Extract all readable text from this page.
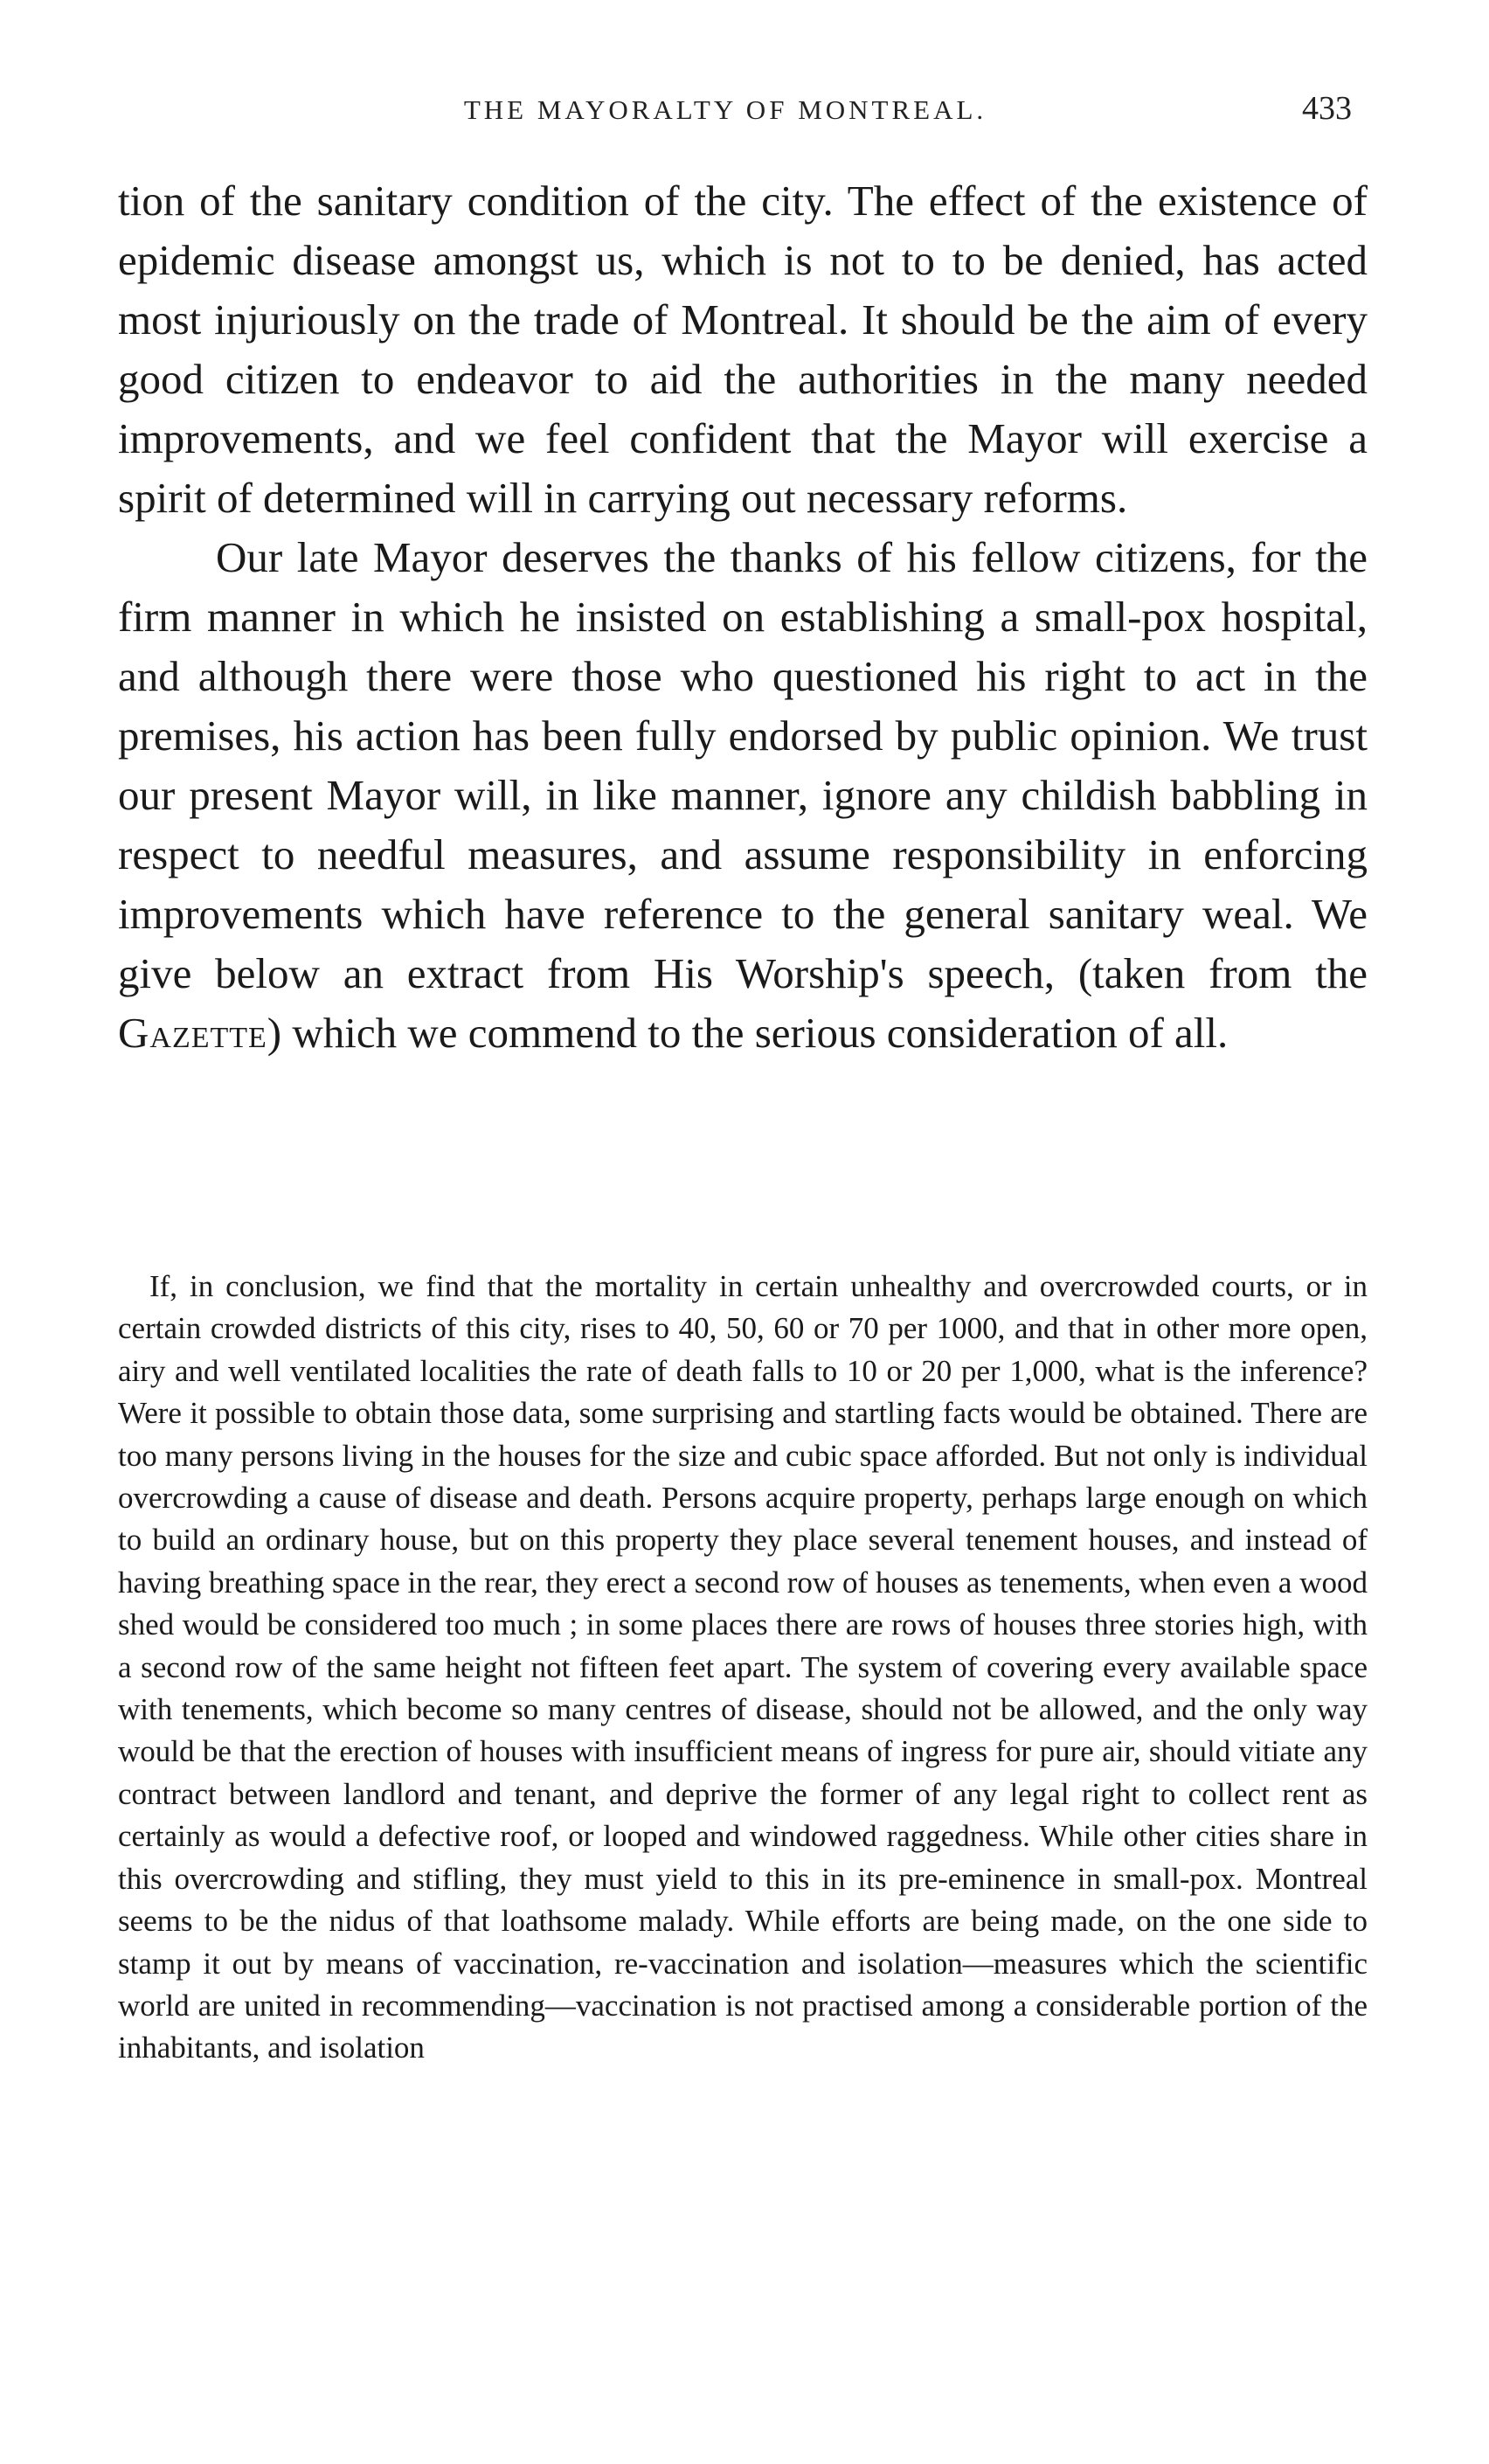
THE MAYORALTY OF MONTREAL.	433

tion of the sanitary condition of the city. The effect of the existence of epidemic disease amongst us, which is not to to be denied, has acted most injuriously on the trade of Montreal. It should be the aim of every good citizen to endeavor to aid the authorities in the many needed improvements, and we feel confident that the Mayor will exercise a spirit of determined will in carrying out necessary reforms.

Our late Mayor deserves the thanks of his fellow citizens, for the firm manner in which he insisted on establishing a small-pox hospital, and although there were those who questioned his right to act in the premises, his action has been fully endorsed by public opinion. We trust our present Mayor will, in like manner, ignore any childish babbling in respect to needful measures, and assume responsibility in enforcing improvements which have reference to the general sanitary weal. We give below an extract from His Worship's speech, (taken from the Gazette) which we commend to the serious consideration of all.

If, in conclusion, we find that the mortality in certain unhealthy and overcrowded courts, or in certain crowded districts of this city, rises to 40, 50, 60 or 70 per 1000, and that in other more open, airy and well ventilated localities the rate of death falls to 10 or 20 per 1,000, what is the inference? Were it possible to obtain those data, some surprising and startling facts would be obtained. There are too many persons living in the houses for the size and cubic space afforded. But not only is individual overcrowding a cause of disease and death. Persons acquire property, perhaps large enough on which to build an ordinary house, but on this property they place several tenement houses, and instead of having breathing space in the rear, they erect a second row of houses as tenements, when even a wood shed would be considered too much ; in some places there are rows of houses three stories high, with a second row of the same height not fifteen feet apart. The system of covering every available space with tenements, which become so many centres of disease, should not be allowed, and the only way would be that the erection of houses with insufficient means of ingress for pure air, should vitiate any contract between landlord and tenant, and deprive the former of any legal right to collect rent as certainly as would a defective roof, or looped and windowed raggedness. While other cities share in this overcrowding and stifling, they must yield to this in its pre-eminence in small-pox. Montreal seems to be the nidus of that loathsome malady. While efforts are being made, on the one side to stamp it out by means of vaccination, re-vaccination and isolation—measures which the scientific world are united in recommending—vaccination is not practised among a considerable portion of the inhabitants, and isolation
